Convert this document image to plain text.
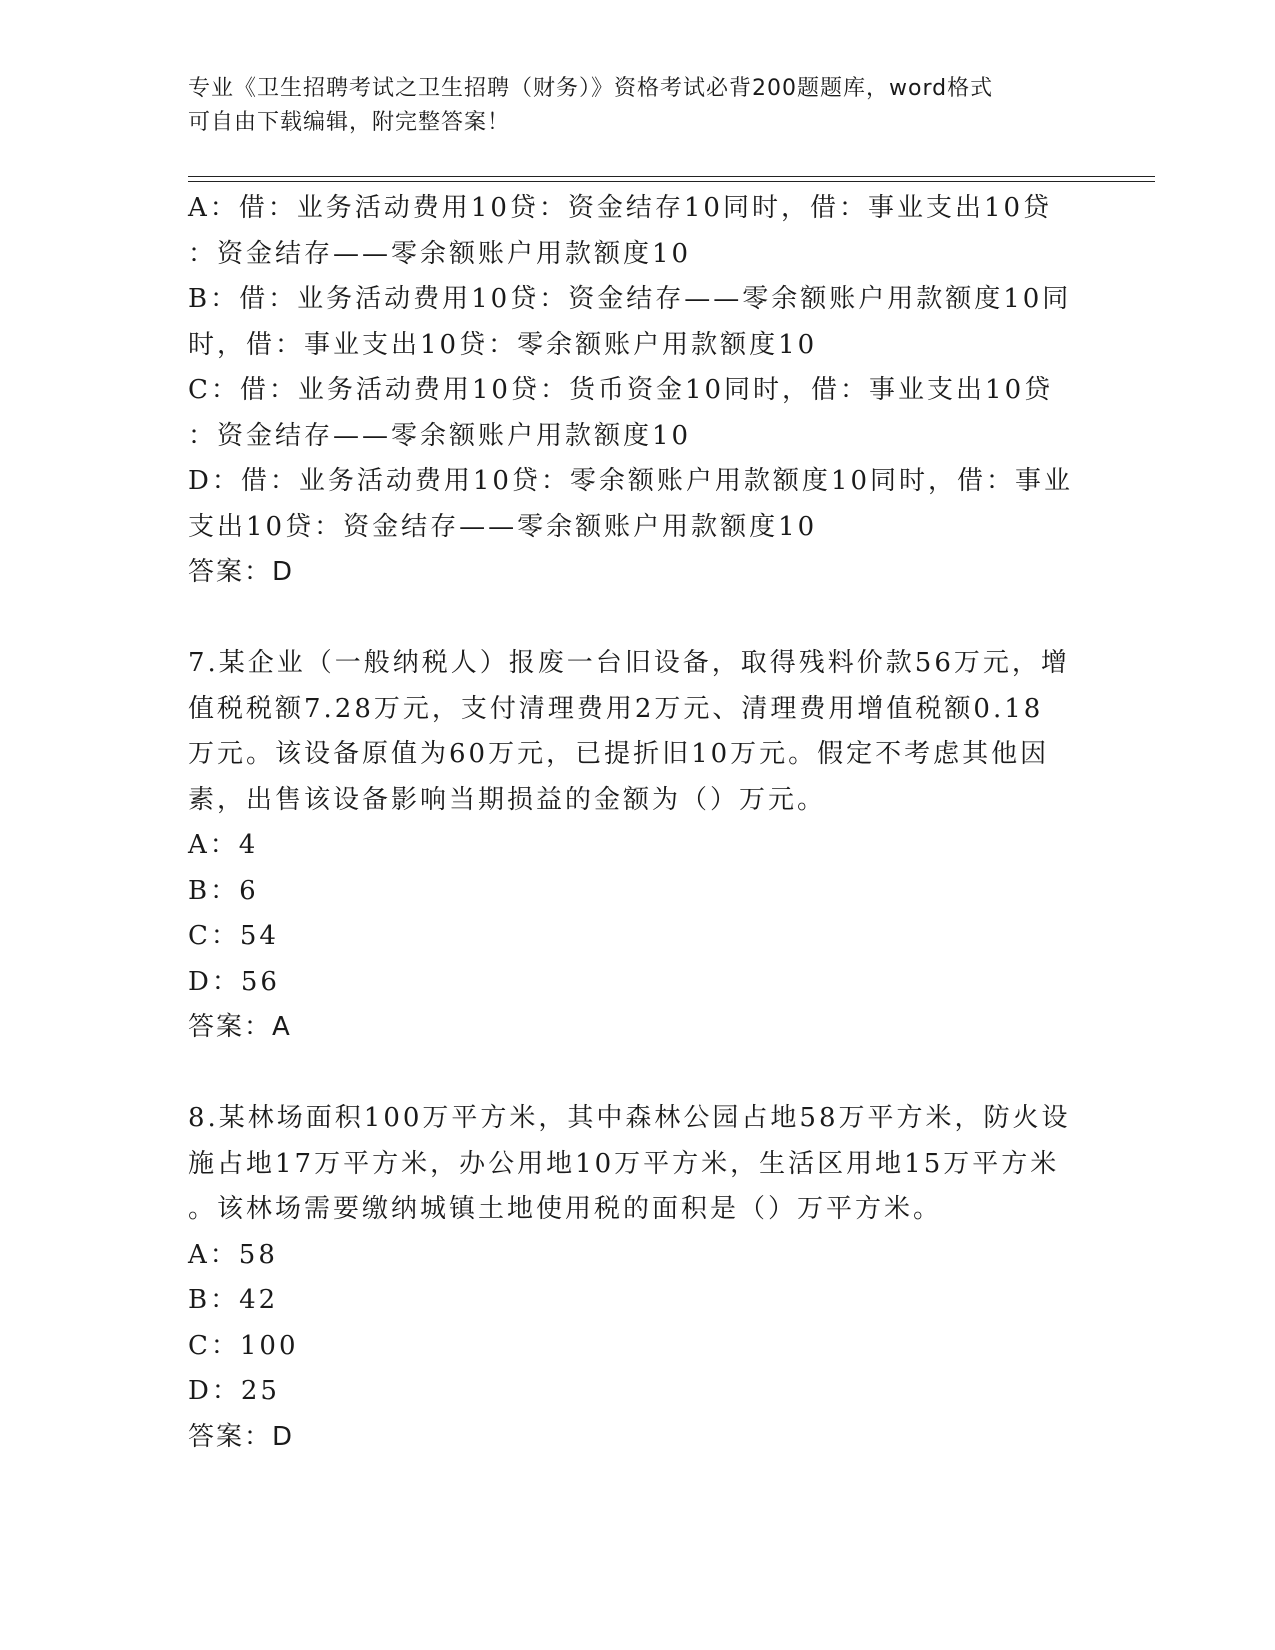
专业《卫生招聘考试之卫生招聘（财务）》资格考试必背200题题库，word格式
可自由下载编辑，附完整答案！
A：借：业务活动费用10贷：资金结存10同时，借：事业支出10贷
：资金结存——零余额账户用款额度10
B：借：业务活动费用10贷：资金结存——零余额账户用款额度10同
时，借：事业支出10贷：零余额账户用款额度10
C：借：业务活动费用10贷：货币资金10同时，借：事业支出10贷
：资金结存——零余额账户用款额度10
D：借：业务活动费用10贷：零余额账户用款额度10同时，借：事业
支出10贷：资金结存——零余额账户用款额度10
答案：D
7.某企业（一般纳税人）报废一台旧设备，取得残料价款56万元，增
值税税额7.28万元，支付清理费用2万元、清理费用增值税额0.18
万元。该设备原值为60万元，已提折旧10万元。假定不考虑其他因
素，出售该设备影响当期损益的金额为（）万元。
A：4
B：6
C：54
D：56
答案：A
8.某林场面积100万平方米，其中森林公园占地58万平方米，防火设
施占地17万平方米，办公用地10万平方米，生活区用地15万平方米
。该林场需要缴纳城镇土地使用税的面积是（）万平方米。
A：58
B：42
C：100
D：25
答案：D
